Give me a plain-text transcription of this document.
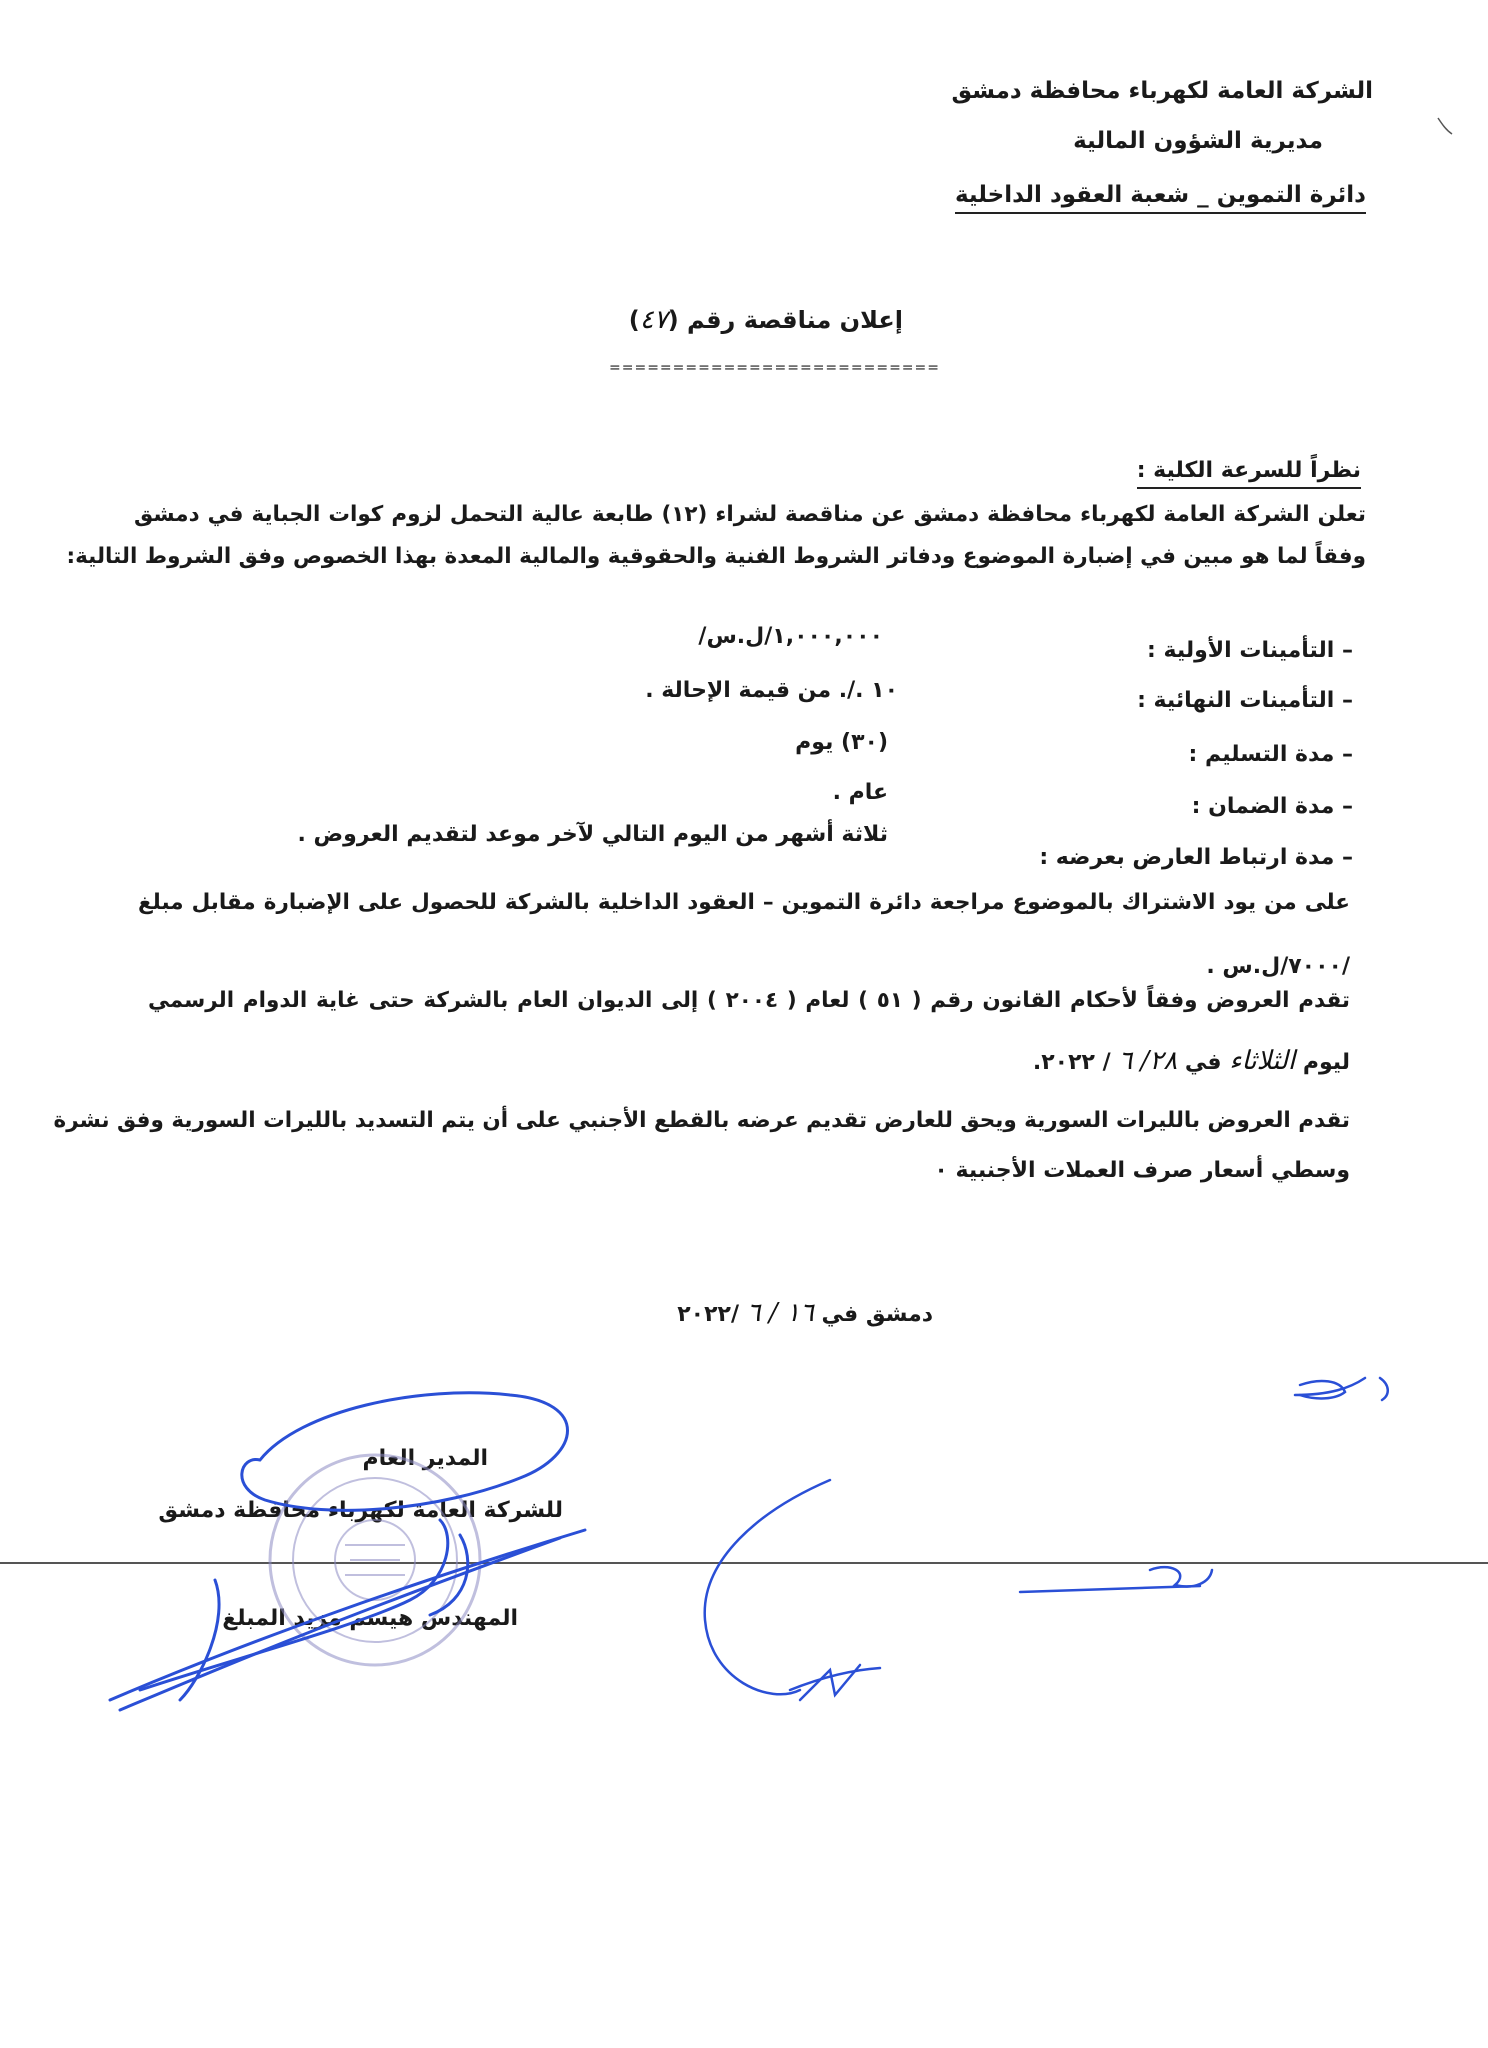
الشركة العامة لكهرباء محافظة دمشق
مديرية الشؤون المالية
دائرة التموين _ شعبة العقود الداخلية
إعلان مناقصة رقم (٤٧)
==========================
نظراً للسرعة الكلية :
تعلن الشركة العامة لكهرباء محافظة دمشق عن مناقصة لشراء (١٢) طابعة عالية التحمل لزوم كوات الجباية في دمشق
وفقاً لما هو مبين في إضبارة الموضوع ودفاتر الشروط الفنية والحقوقية والمالية المعدة بهذا الخصوص وفق الشروط التالية:
– التأمينات الأولية :
١,٠٠٠,٠٠٠/ل.س/
– التأمينات النهائية :
١٠ ./. من قيمة الإحالة .
– مدة التسليم :
(٣٠) يوم
– مدة الضمان :
عام .
– مدة ارتباط العارض بعرضه :
ثلاثة أشهر من اليوم التالي لآخر موعد لتقديم العروض .
على من يود الاشتراك بالموضوع مراجعة دائرة التموين – العقود الداخلية بالشركة للحصول على الإضبارة مقابل مبلغ
/٧٠٠٠/ل.س .
تقدم العروض وفقاً لأحكام القانون رقم ( ٥١ ) لعام ( ٢٠٠٤ ) إلى الديوان العام بالشركة حتى غاية الدوام الرسمي
ليوم الثلاثاء في ٢٨/ ٦ / ٢٠٢٢.
تقدم العروض بالليرات السورية ويحق للعارض تقديم عرضه بالقطع الأجنبي على أن يتم التسديد بالليرات السورية وفق نشرة
وسطي أسعار صرف العملات الأجنبية ٠
دمشق في ١٦ / ٦ /٢٠٢٢
المدير العام
للشركة العامة لكهرباء محافظة دمشق
المهندس هيسم مزيد المبلغ
